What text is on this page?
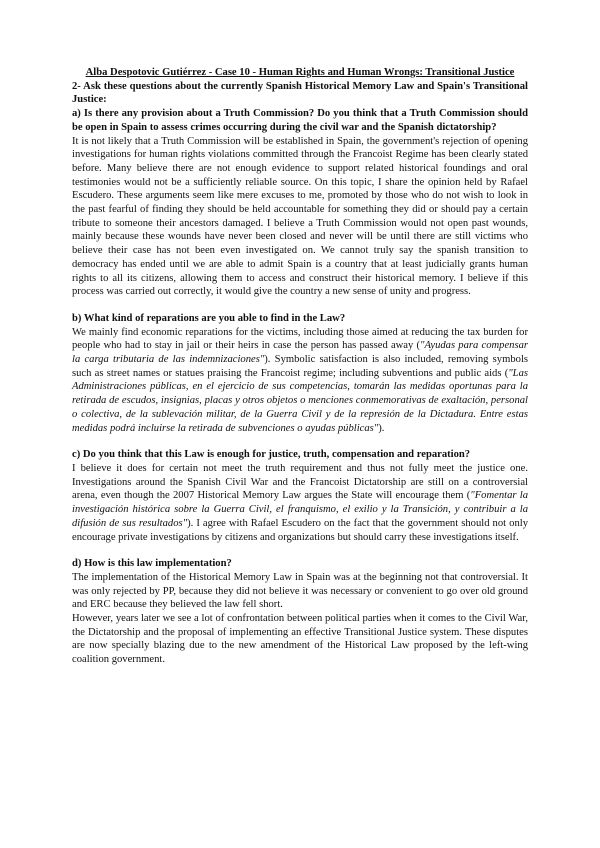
Alba Despotovic Gutiérrez - Case 10 - Human Rights and Human Wrongs: Transitional Justice
2- Ask these questions about the currently Spanish Historical Memory Law and Spain's Transitional Justice:
a) Is there any provision about a Truth Commission? Do you think that a Truth Commission should be open in Spain to assess crimes occurring during the civil war and the Spanish dictatorship?

It is not likely that a Truth Commission will be established in Spain, the government's rejection of opening investigations for human rights violations committed through the Francoist Regime has been clearly stated before. Many believe there are not enough evidence to support related historical foundings and oral testimonies would not be a sufficiently reliable source. On this topic, I share the opinion held by Rafael Escudero. These arguments seem like mere excuses to me, promoted by those who do not wish to look in the past fearful of finding they should be held accountable for something they did or should pay a certain tribute to someone their ancestors damaged. I believe a Truth Commission would not open past wounds, mainly because these wounds have never been closed and never will be until there are still victims who believe their case has not been even investigated on. We cannot truly say the spanish transition to democracy has ended until we are able to admit Spain is a country that at least judicially grants human rights to all its citizens, allowing them to access and construct their historical memory. I believe if this process was carried out correctly, it would give the country a new sense of unity and progress.

b) What kind of reparations are you able to find in the Law?

We mainly find economic reparations for the victims, including those aimed at reducing the tax burden for people who had to stay in jail or their heirs in case the person has passed away ("Ayudas para compensar la carga tributaria de las indemnizaciones"). Symbolic satisfaction is also included, removing symbols such as street names or statues praising the Francoist regime; including subventions and public aids ("Las Administraciones públicas, en el ejercicio de sus competencias, tomarán las medidas oportunas para la retirada de escudos, insignias, placas y otros objetos o menciones conmemorativas de exaltación, personal o colectiva, de la sublevación militar, de la Guerra Civil y de la represión de la Dictadura. Entre estas medidas podrá incluirse la retirada de subvenciones o ayudas públicas").

c) Do you think that this Law is enough for justice, truth, compensation and reparation?

I believe it does for certain not meet the truth requirement and thus not fully meet the justice one. Investigations around the Spanish Civil War and the Francoist Dictatorship are still on a controversial arena, even though the 2007 Historical Memory Law argues the State will encourage them ("Fomentar la investigación histórica sobre la Guerra Civil, el franquismo, el exilio y la Transición, y contribuir a la difusión de sus resultados"). I agree with Rafael Escudero on the fact that the government should not only encourage private investigations by citizens and organizations but should carry these investigations itself.

d) How is this law implementation?

The implementation of the Historical Memory Law in Spain was at the beginning not that controversial. It was only rejected by PP, because they did not believe it was necessary or convenient to go over old ground and ERC because they believed the law fell short.

However, years later we see a lot of confrontation between political parties when it comes to the Civil War, the Dictatorship and the proposal of implementing an effective Transitional Justice system. These disputes are now specially blazing due to the new amendment of the Historical Law proposed by the left-wing coalition government.
